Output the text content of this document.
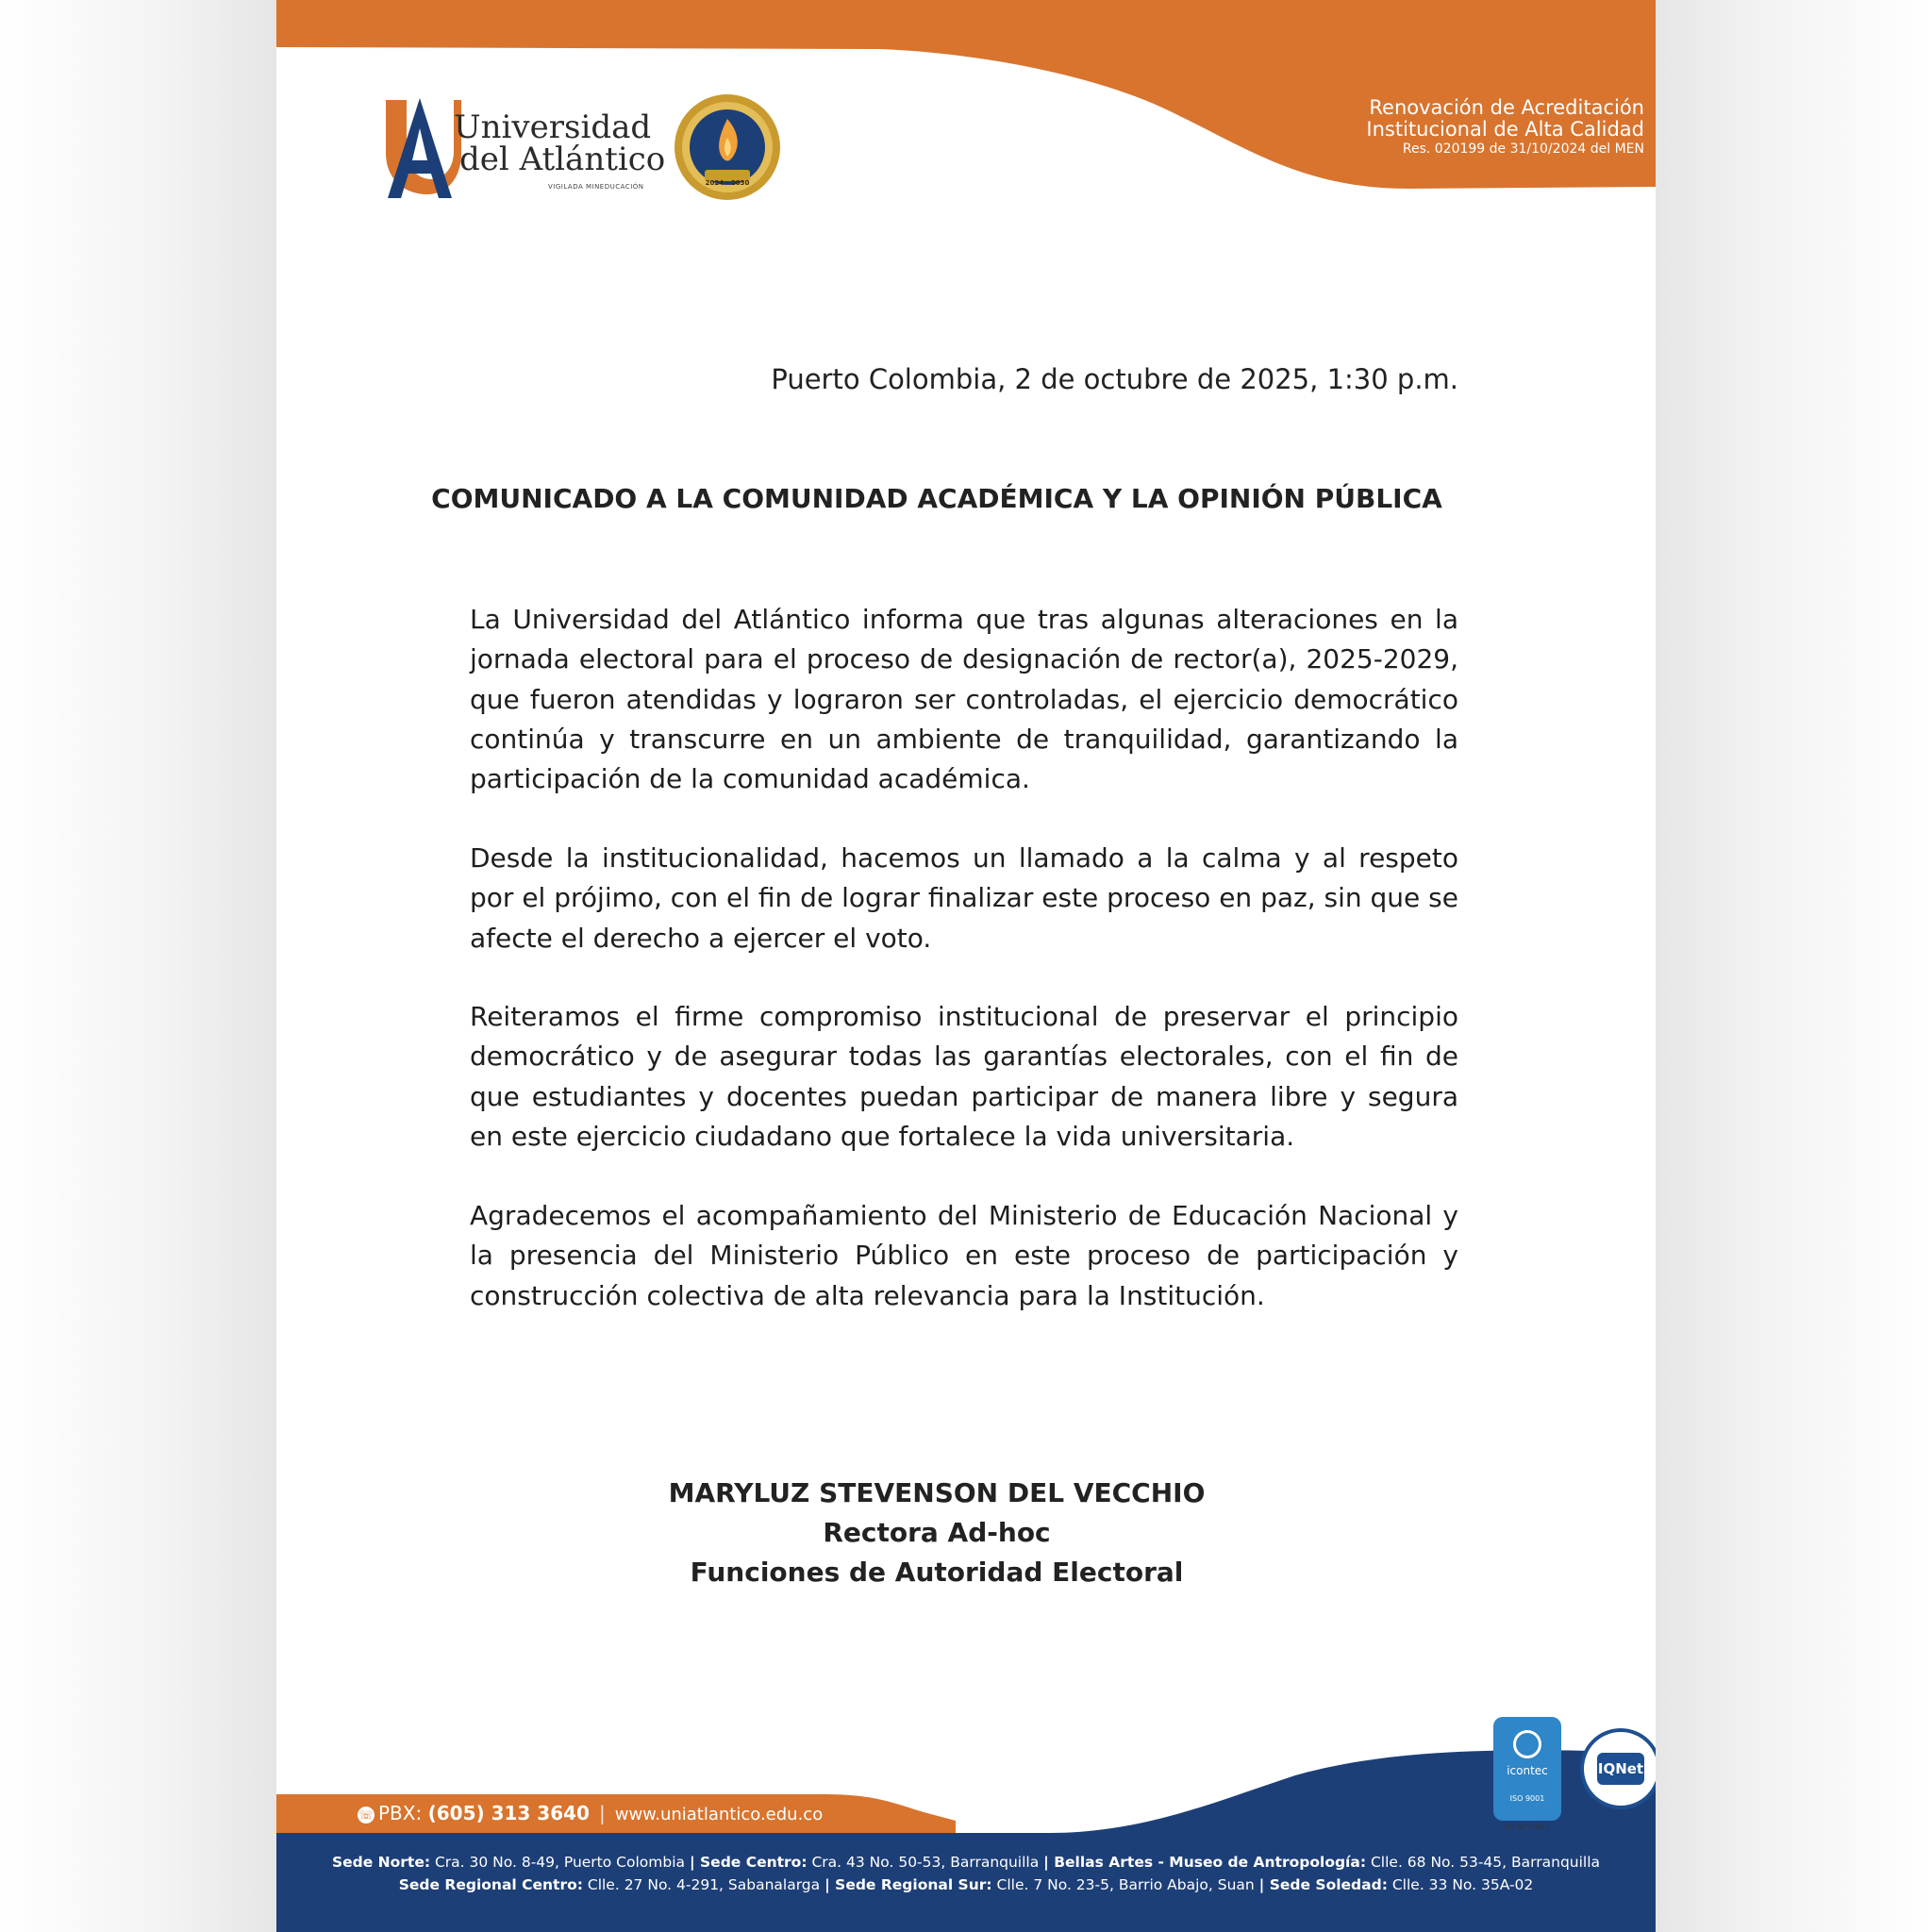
Universidad
del Atlántico
VIGILADA MINEDUCACIÓN	2024 - 2030
Renovación de Acreditación
Institucional de Alta Calidad
Res. 020199 de 31/10/2024 del MEN
Puerto Colombia, 2 de octubre de 2025, 1:30 p.m.
COMUNICADO A LA COMUNIDAD ACADÉMICA Y LA OPINIÓN PÚBLICA

La Universidad del Atlántico informa que tras algunas alteraciones en la jornada electoral para el proceso de designación de rector(a), 2025-2029, que fueron atendidas y lograron ser controladas, el ejercicio democrático continúa y transcurre en un ambiente de tranquilidad, garantizando la participación de la comunidad académica.

Desde la institucionalidad, hacemos un llamado a la calma y al respeto por el prójimo, con el fin de lograr finalizar este proceso en paz, sin que se afecte el derecho a ejercer el voto.

Reiteramos el firme compromiso institucional de preservar el principio democrático y de asegurar todas las garantías electorales, con el fin de que estudiantes y docentes puedan participar de manera libre y segura en este ejercicio ciudadano que fortalece la vida universitaria.

Agradecemos el acompañamiento del Ministerio de Educación Nacional y la presencia del Ministerio Público en este proceso de participación y construcción colectiva de alta relevancia para la Institución.

MARYLUZ STEVENSON DEL VECCHIO
Rectora Ad-hoc
Funciones de Autoridad Electoral
☏ PBX: (605) 313 3640 | www.uniatlantico.edu.co
Sede Norte: Cra. 30 No. 8-49, Puerto Colombia | Sede Centro: Cra. 43 No. 50-53, Barranquilla | Bellas Artes - Museo de Antropología: Clle. 68 No. 53-45, Barranquilla
Sede Regional Centro: Clle. 27 No. 4-291, Sabanalarga | Sede Regional Sur: Clle. 7 No. 23-5, Barrio Abajo, Suan | Sede Soledad: Clle. 33 No. 35A-02
icontec
ISO 9001
CO-SC7286-1
IQNet
